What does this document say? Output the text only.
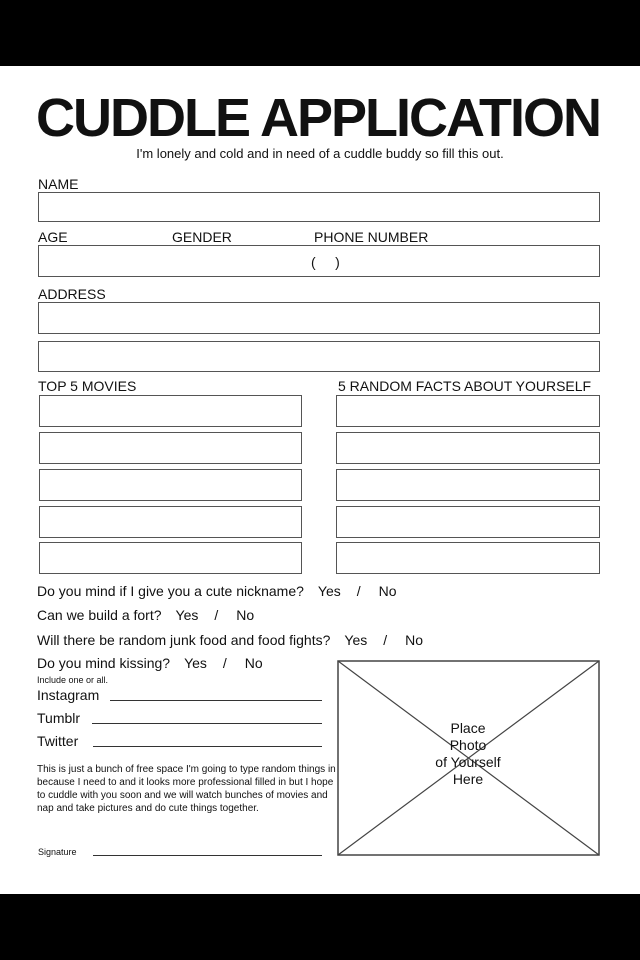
CUDDLE APPLICATION
I'm lonely and cold and in need of a cuddle buddy so fill this out.
NAME
AGE	GENDER	PHONE NUMBER
(     )
ADDRESS
TOP 5 MOVIES	5 RANDOM FACTS ABOUT YOURSELF
Do you mind if I give you a cute nickname? Yes / No
Can we build a fort? Yes / No
Will there be random junk food and food fights? Yes / No
Do you mind kissing? Yes / No
Include one or all.
Instagram
Tumblr
Twitter
This is just a bunch of free space I'm going to type random things in because I need to and it looks more professional filled in but I hope to cuddle with you soon and we will watch bunches of movies and nap and take pictures and do cute things together.
Signature
Place
Photo
of Yourself
Here
